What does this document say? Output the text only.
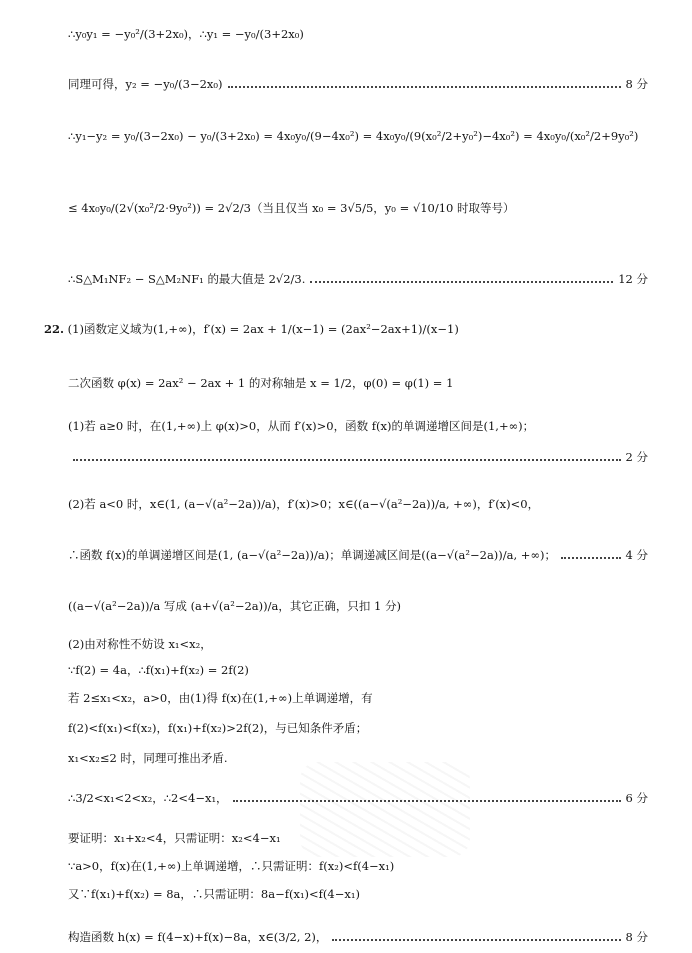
∴y₀y₁ = −y₀²/(3+2x₀)，∴y₁ = −y₀/(3+2x₀)
同理可得，y₂ = −y₀/(3−2x₀)	8 分
∴y₁−y₂ = y₀/(3−2x₀) − y₀/(3+2x₀) = 4x₀y₀/(9−4x₀²) = 4x₀y₀/(9(x₀²/2+y₀²)−4x₀²) = 4x₀y₀/(x₀²/2+9y₀²)
≤ 4x₀y₀/(2√(x₀²/2·9y₀²)) = 2√2/3（当且仅当 x₀ = 3√5/5，y₀ = √10/10 时取等号）
∴S△M₁NF₂ − S△M₂NF₁ 的最大值是 2√2/3.	12 分
22. (1)函数定义域为(1,+∞)，f′(x) = 2ax + 1/(x−1) = (2ax²−2ax+1)/(x−1)
二次函数 φ(x) = 2ax² − 2ax + 1 的对称轴是 x = 1/2，φ(0) = φ(1) = 1
(1)若 a≥0 时，在(1,+∞)上 φ(x)>0，从而 f′(x)>0，函数 f(x)的单调递增区间是(1,+∞)；
2 分
(2)若 a<0 时，x∈(1, (a−√(a²−2a))/a)，f′(x)>0；x∈((a−√(a²−2a))/a, +∞)，f′(x)<0，
∴函数 f(x)的单调递增区间是(1, (a−√(a²−2a))/a)；单调递减区间是((a−√(a²−2a))/a, +∞)；	4 分
((a−√(a²−2a))/a 写成 (a+√(a²−2a))/a，其它正确，只扣 1 分)
(2)由对称性不妨设 x₁<x₂，
∵f(2) = 4a，∴f(x₁)+f(x₂) = 2f(2)
若 2≤x₁<x₂，a>0，由(1)得 f(x)在(1,+∞)上单调递增，有
f(2)<f(x₁)<f(x₂)，f(x₁)+f(x₂)>2f(2)，与已知条件矛盾；
x₁<x₂≤2 时，同理可推出矛盾.
∴3/2<x₁<2<x₂，∴2<4−x₁，	6 分
要证明：x₁+x₂<4，只需证明：x₂<4−x₁
∵a>0，f(x)在(1,+∞)上单调递增，∴只需证明：f(x₂)<f(4−x₁)
又∵f(x₁)+f(x₂) = 8a，∴只需证明：8a−f(x₁)<f(4−x₁)
构造函数 h(x) = f(4−x)+f(x)−8a，x∈(3/2, 2)，	8 分
